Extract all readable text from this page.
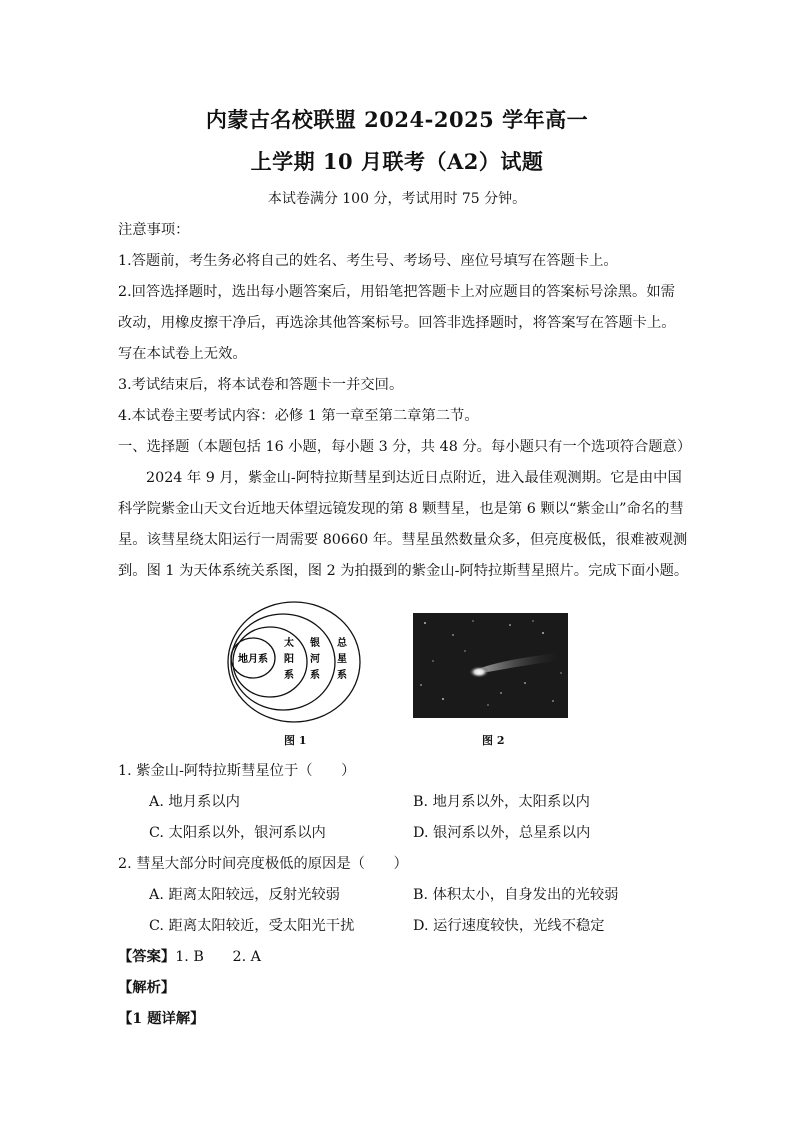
内蒙古名校联盟 2024-2025 学年高一
上学期 10 月联考（A2）试题
本试卷满分 100 分，考试用时 75 分钟。
注意事项：
1.答题前，考生务必将自己的姓名、考生号、考场号、座位号填写在答题卡上。
2.回答选择题时，选出每小题答案后，用铅笔把答题卡上对应题目的答案标号涂黑。如需
改动，用橡皮擦干净后，再选涂其他答案标号。回答非选择题时，将答案写在答题卡上。
写在本试卷上无效。
3.考试结束后，将本试卷和答题卡一并交回。
4.本试卷主要考试内容：必修 1 第一章至第二章第二节。
一、选择题（本题包括 16 小题，每小题 3 分，共 48 分。每小题只有一个选项符合题意）
2024 年 9 月，紫金山-阿特拉斯彗星到达近日点附近，进入最佳观测期。它是由中国
科学院紫金山天文台近地天体望远镜发现的第 8 颗彗星，也是第 6 颗以“紫金山”命名的彗
星。该彗星绕太阳运行一周需要 80660 年。彗星虽然数量众多，但亮度极低，很难被观测
到。图 1 为天体系统关系图，图 2 为拍摄到的紫金山-阿特拉斯彗星照片。完成下面小题。
地月系
太
阳
系
银
河
系
总
星
系
图 1	图 2
1. 紫金山-阿特拉斯彗星位于（　　）
A. 地月系以内	B. 地月系以外，太阳系以内
C. 太阳系以外，银河系以内	D. 银河系以外，总星系以内
2. 彗星大部分时间亮度极低的原因是（　　）
A. 距离太阳较远，反射光较弱	B. 体积太小，自身发出的光较弱
C. 距离太阳较近，受太阳光干扰	D. 运行速度较快，光线不稳定
【答案】1. B　　2. A
【解析】
【1 题详解】
